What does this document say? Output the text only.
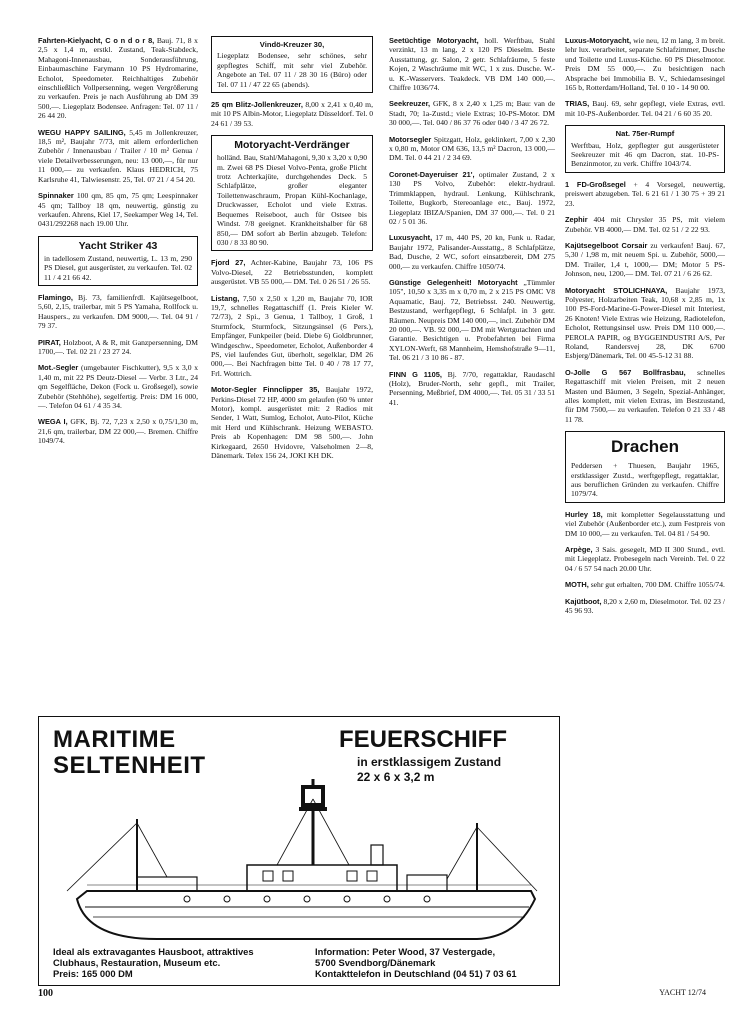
Fahrten-Kielyacht, C o n d o r 8, Bauj. 71, 8 x 2,5 x 1,4 m, erstkl. Zustand, Teak-Stabdeck, Mahagoni-Innenausbau, Sonderausführung, Einbaumaschine Farymann 10 PS Hydromarine, Echolot, Speedometer. Reichhaltiges Zubehör einschließlich Vollpersenning, wegen Vergrößerung zu verkaufen. Preis je nach Ausführung ab DM 39 500,—. Liegeplatz Bodensee. Anfragen: Tel. 07 11 / 26 44 20.
WEGU HAPPY SAILING, 5,45 m Jollenkreuzer, 18,5 m², Baujahr 7/73, mit allem erforderlichen Zubehör / Innenausbau / Trailer / 10 m² Genua / viele Detailverbesserungen, neu: 13 000,—, für nur 11 000,— zu verkaufen. Klaus HEDRICH, 75 Karlsruhe 41, Talwiesenstr. 25, Tel. 07 21 / 4 54 20.
Spinnaker 100 qm, 85 qm, 75 qm; Leespinnaker 45 qm; Tallboy 18 qm, neuwertig, günstig zu verkaufen. Ahrens, Kiel 17, Seekamper Weg 14, Tel. 0431/292268 nach 19.00 Uhr.
Yacht Striker 43
in tadellosem Zustand, neuwertig, L. 13 m, 290 PS Diesel, gut ausgerüstet, zu verkaufen. Tel. 02 11 / 4 21 66 42.
Flamingo, Bj. 73, familienfrdl. Kajütsegelboot, 5,60, 2,15, trailerbar, mit 5 PS Yamaha, Rollfock u. Hauspers., zu verkaufen. DM 9000,—. Tel. 04 91 / 79 37.
PIRAT, Holzboot, A & R, mit Ganzpersenning, DM 1700,—. Tel. 02 21 / 23 27 24.
Mot.-Segler (umgebauter Fischkutter), 9,5 x 3,0 x 1,40 m, mit 22 PS Deutz-Diesel — Verbr. 3 Ltr., 24 qm Segelfläche, Dekon (Fock u. Großsegel), sowie Zubehör (Stehhöhe), segelfertig. Preis: DM 16 000,—. Telefon 04 61 / 4 35 34.
WEGA I, GFK, Bj. 72, 7,23 x 2,50 x 0,75/1,30 m, 21,6 qm, trailerbar, DM 22 000,—. Bremen. Chiffre 1049/74.
Vindö-Kreuzer 30,
Liegeplatz Bodensee, sehr schönes, sehr gepflegtes Schiff, mit sehr viel Zubehör. Angebote an Tel. 07 11 / 28 30 16 (Büro) oder Tel. 07 11 / 47 22 65 (abends).
25 qm Blitz-Jollenkreuzer, 8,00 x 2,41 x 0,40 m, mit 10 PS Albin-Motor, Liegeplatz Düsseldorf. Tel. 0 24 61 / 39 53.
Motoryacht-Verdränger
holländ. Bau, Stahl/Mahagoni, 9,30 x 3,20 x 0,90 m. Zwei 68 PS Diesel Volvo-Penta, große Plicht trotz Achterkajüte, durchgehendes Deck. 5 Schlafplätze, großer eleganter Toilettenwaschraum, Propan Kühl-Kochanlage, Druckwasser, Echolot und viele Extras. Bequemes Reiseboot, auch für Ostsee bis Windst. 7/8 geeignet. Krankheitshalber für 68 850,— DM sofort ab Berlin abzugeb. Telefon: 030 / 8 33 80 90.
Fjord 27, Achter-Kabine, Baujahr 73, 106 PS Volvo-Diesel, 22 Betriebsstunden, komplett ausgerüstet. VB 55 000,— DM. Tel. 0 26 51 / 26 55.
Listang, 7,50 x 2,50 x 1,20 m, Baujahr 70, IOR 19,7, schnelles Regattaschiff (1. Preis Kieler W. 72/73), 2 Spi., 3 Genua, 1 Tallboy, 1 Groß, 1 Sturmfock, Sturmfock, Sitzungsinsel (6 Pers.), Empfänger, Funkpeiler (beid. Diebe 6) Goldbrunner, Windgeschw., Speedometer, Echolot, Außenborder 4 PS, viel laufendes Gut, überholt, segelklar, DM 26 000,—. Bei Nachfragen bitte Tel. 0 40 / 78 17 77, Frl. Wottrich.
Motor-Segler Finnclipper 35, Baujahr 1972, Perkins-Diesel 72 HP, 4000 sm gelaufen (60 % unter Motor), kompl. ausgerüstet mit: 2 Radios mit Sender, 1 Watt, Sumlog, Echolot, Auto-Pilot, Küche mit Herd und Kühlschrank. Heizung WEBASTO. Preis ab Kopenhagen: DM 98 500,—. John Kirkegaard, 2650 Hvidovre, Valseholmen 2—8, Dänemark. Telex 156 24, JOKI KH DK.
Seetüchtige Motoryacht, holl. Werftbau, Stahl verzinkt, 13 m lang, 2 x 120 PS Dieselm. Beste Ausstattung, gr. Salon, 2 getr. Schlafräume, 5 feste Kojen, 2 Waschräume mit WC, 1 x zus. Dusche. W.- u. K.-Wasservers. Teakdeck. VB DM 140 000,—. Chiffre 1036/74.
Seekreuzer, GFK, 8 x 2,40 x 1,25 m; Bau: van de Stadt, 70; 1a-Zustd.; viele Extras; 10-PS-Motor. DM 30 000,—. Tel. 040 / 86 37 76 oder 040 / 3 47 26 72.
Motorsegler Spitzgatt, Holz, geklinkert, 7,00 x 2,30 x 0,80 m, Motor OM 636, 13,5 m² Dacron, 13 000,—DM. Tel. 0 44 21 / 2 34 69.
Coronet-Dayeruiser 21', optimaler Zustand, 2 x 130 PS Volvo, Zubehör: elektr.-hydraul. Trimmklappen, hydraul. Lenkung, Kühlschrank, Toilette, Bugkorb, Stereoanlage etc., Bauj. 1972, Liegeplatz IBIZA/Spanien, DM 37 000,—. Tel. 0 21 02 / 5 01 36.
Luxusyacht, 17 m, 440 PS, 20 kn, Funk u. Radar, Baujahr 1972, Palisander-Ausstattg., 8 Schlafplätze, Bad, Dusche, 2 WC, sofort einsatzbereit, DM 275 000,— zu verkaufen. Chiffre 1050/74.
Günstige Gelegenheit! Motoryacht „Tümmler 105", 10,50 x 3,35 m x 0,70 m, 2 x 215 PS OMC V8 Aquamatic, Bauj. 72, Betriebsst. 240. Neuwertig, Bestzustand, werftgepflegt, 6 Schlafpl. in 3 getr. Räumen. Neupreis DM 140 000,—, incl. Zubehör DM 20 000,—. VB. 92 000,— DM mit Wertgutachten und Garantie. Besichtigen u. Probefahrten bei Firma XYLON-Werft, 68 Mannheim, Hemshofstraße 9—11, Tel. 06 21 / 3 10 86 - 87.
FINN G 1105, Bj. 7/70, regattaklar, Raudaschl (Holz), Bruder-North, sehr gepfl., mit Trailer, Persenning, Meßbrief, DM 4000,—. Tel. 05 31 / 33 51 41.
Luxus-Motoryacht, wie neu, 12 m lang, 3 m breit. lehr lux. verarbeitet, separate Schlafzimmer, Dusche und Toilette und Luxus-Küche. 60 PS Dieselmotor. Preis DM 55 000,—. Zu besichtigen nach Absprache bei Immobilia B. V., Schiedamsesingel 165 b, Rotterdam/Holland, Tel. 0 10 - 14 90 00.
TRIAS, Bauj. 69, sehr gepflegt, viele Extras, evtl. mit 10-PS-Außenborder. Tel. 04 21 / 6 60 35 20.
Nat. 75er-Rumpf
Werftbau, Holz, gepflegter gut ausgerüsteter Seekreuzer mit 46 qm Dacron, stat. 10-PS-Benzinmotor, zu verk. Chiffre 1043/74.
1 FD-Großsegel + 4 Vorsegel, neuwertig, preiswert abzugeben. Tel. 6 21 61 / 1 30 75 + 39 21 23.
Zephir 404 mit Chrysler 35 PS, mit vielem Zubehör. VB 4000,— DM. Tel. 02 51 / 2 22 93.
Kajütsegelboot Corsair zu verkaufen! Bauj. 67, 5,30 / 1,98 m, mit neuem Spi. u. Zubehör, 5000,— DM. Trailer, 1,4 t, 1000,— DM; Motor 5 PS-Johnson, neu, 1200,— DM. Tel. 07 21 / 6 26 62.
Motoryacht STOLICHNAYA, Baujahr 1973, Polyester, Holzarbeiten Teak, 10,68 x 2,85 m, 1x 100 PS-Ford-Marine-G-Power-Diesel mit Interiest, 26 Knoten! Viele Extras wie Heizung, Radiotelefon, Echolot, Rettungsinsel usw. Preis DM 110 000,—. PEROLA PAPIR, og BYGGEINDUSTRI A/S, Per Roland, Randersvej 28, DK 6700 Esbjerg/Dänemark, Tel. 00 45-5-12 31 88.
O-Jolle G 567 Bollfrasbau, schnelles Regattaschiff mit vielen Preisen, mit 2 neuen Masten und Bäumen, 3 Segeln, Spezial-Anhänger, alles komplett, mit vielen Extras, im Bestzustand, für DM 7500,— zu verkaufen. Telefon 0 21 33 / 48 11 78.
Drachen
Peddersen + Thuesen, Baujahr 1965, erstklassiger Zustd., werftgepflegt, regattaklar, aus beruflichen Gründen zu verkaufen. Chiffre 1079/74.
Hurley 18, mit kompletter Segelausstattung und viel Zubehör (Außenborder etc.), zum Festpreis von DM 10 000,— zu verkaufen. Tel. 04 81 / 54 90.
Arpège, 3 Sais. gesegelt, MD II 300 Stund., evtl. mit Liegeplatz. Probesegeln nach Vereinb. Tel. 0 22 04 / 6 57 54 nach 20.00 Uhr.
MOTH, sehr gut erhalten, 700 DM. Chiffre 1055/74.
Kajütboot, 8,20 x 2,60 m, Dieselmotor. Tel. 02 23 / 45 96 93.
MARITIME
SELTENHEIT
FEUERSCHIFF
in erstklassigem Zustand
22 x 6 x 3,2 m
Ideal als extravagantes Hausboot, attraktives
Clubhaus, Restauration, Museum etc.
Preis: 165 000 DM
Information: Peter Wood, 37 Vestergade,
5700 Svendborg/Dänemark
Kontakttelefon in Deutschland (04 51) 7 03 61
100	YACHT 12/74
